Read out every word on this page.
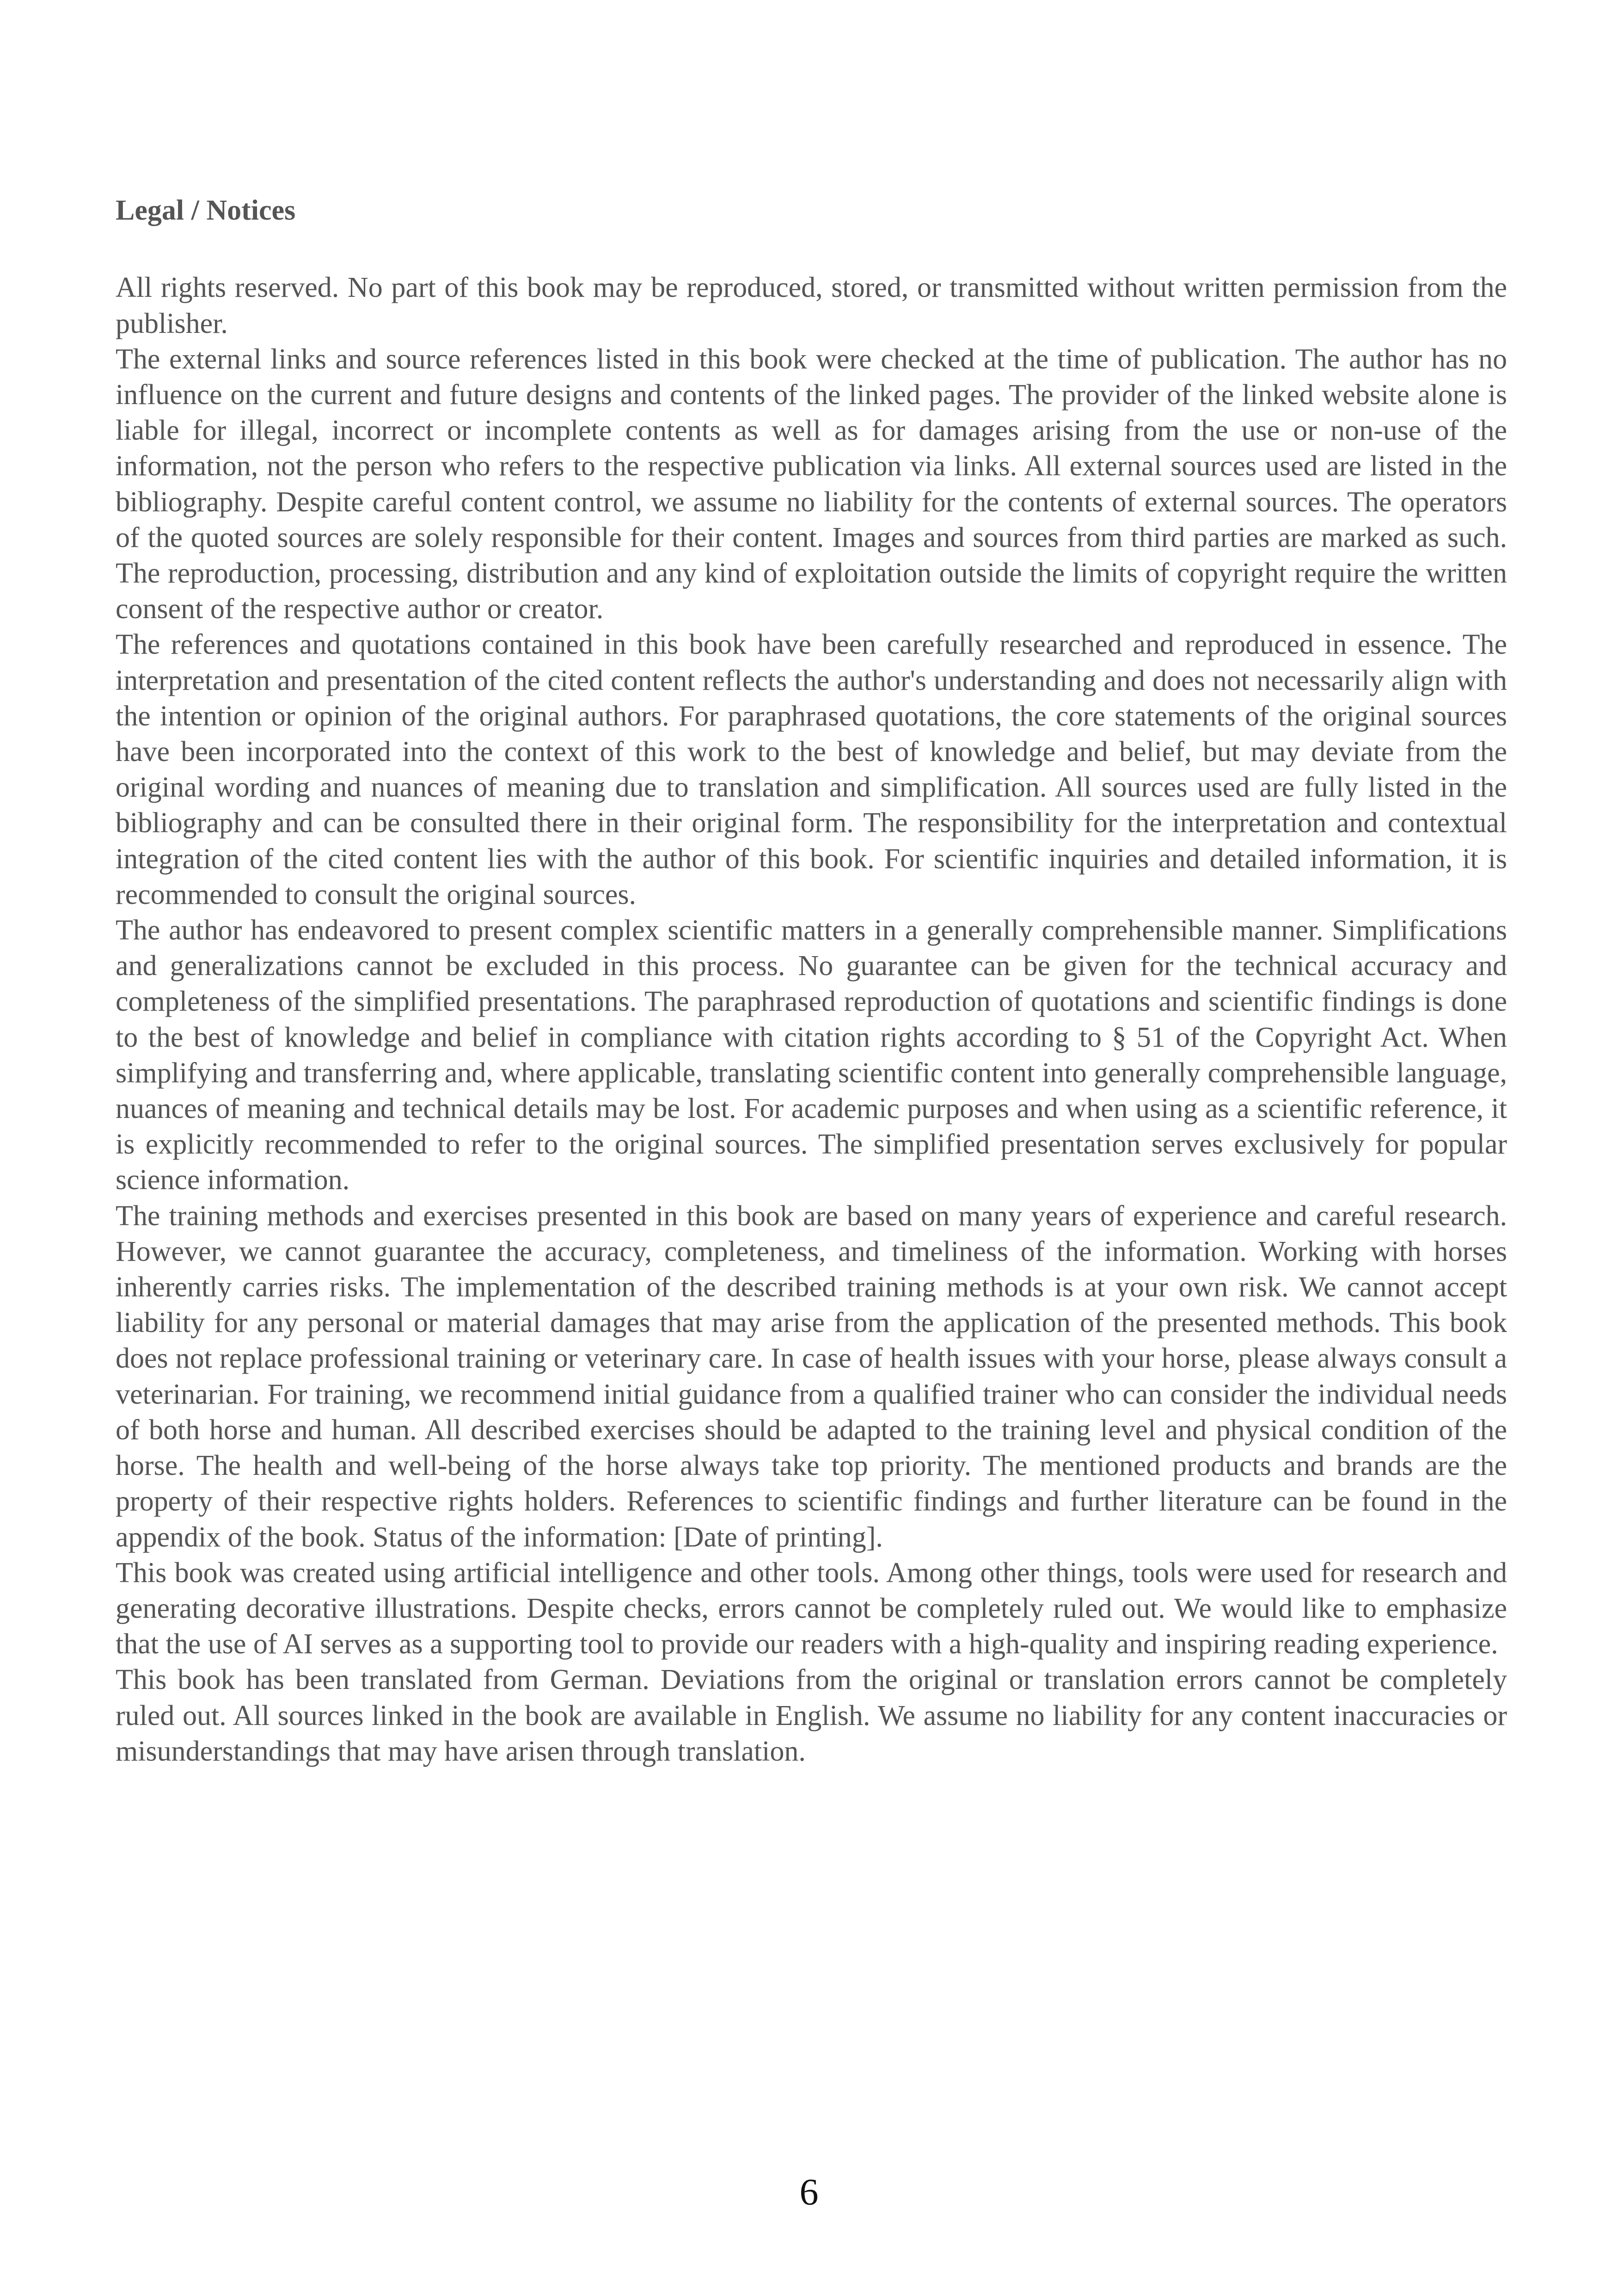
Legal / Notices

All rights reserved. No part of this book may be reproduced, stored, or transmitted without written permission from the publisher.

The external links and source references listed in this book were checked at the time of publication. The author has no influence on the current and future designs and contents of the linked pages. The provider of the linked website alone is liable for illegal, incorrect or incomplete contents as well as for damages arising from the use or non-use of the information, not the person who refers to the respective publication via links. All external sources used are listed in the bibliography. Despite careful content control, we assume no liability for the contents of external sources. The operators of the quoted sources are solely responsible for their content. Images and sources from third parties are marked as such. The reproduction, processing, distribution and any kind of exploitation outside the limits of copyright require the written consent of the respective author or creator.

The references and quotations contained in this book have been carefully researched and reproduced in essence. The interpretation and presentation of the cited content reflects the author's understanding and does not necessarily align with the intention or opinion of the original authors. For paraphrased quotations, the core statements of the original sources have been incorporated into the context of this work to the best of knowledge and belief, but may deviate from the original wording and nuances of meaning due to translation and simplification. All sources used are fully listed in the bibliography and can be consulted there in their original form. The responsibility for the interpretation and contextual integration of the cited content lies with the author of this book. For scientific inquiries and detailed information, it is recommended to consult the original sources.

The author has endeavored to present complex scientific matters in a generally comprehensible manner. Simplifications and generalizations cannot be excluded in this process. No guarantee can be given for the technical accuracy and completeness of the simplified presentations. The paraphrased reproduction of quotations and scientific findings is done to the best of knowledge and belief in compliance with citation rights according to § 51 of the Copyright Act. When simplifying and transferring and, where applicable, translating scientific content into generally comprehensible language, nuances of meaning and technical details may be lost. For academic purposes and when using as a scientific reference, it is explicitly recommended to refer to the original sources. The simplified presentation serves exclusively for popular science information.

The training methods and exercises presented in this book are based on many years of experience and careful research. However, we cannot guarantee the accuracy, completeness, and timeliness of the information. Working with horses inherently carries risks. The implementation of the described training methods is at your own risk. We cannot accept liability for any personal or material damages that may arise from the application of the presented methods. This book does not replace professional training or veterinary care. In case of health issues with your horse, please always consult a veterinarian. For training, we recommend initial guidance from a qualified trainer who can consider the individual needs of both horse and human. All described exercises should be adapted to the training level and physical condition of the horse. The health and well-being of the horse always take top priority. The mentioned products and brands are the property of their respective rights holders. References to scientific findings and further literature can be found in the appendix of the book. Status of the information: [Date of printing].

This book was created using artificial intelligence and other tools. Among other things, tools were used for research and generating decorative illustrations. Despite checks, errors cannot be completely ruled out. We would like to emphasize that the use of AI serves as a supporting tool to provide our readers with a high-quality and inspiring reading experience.

This book has been translated from German. Deviations from the original or translation errors cannot be completely ruled out. All sources linked in the book are available in English. We assume no liability for any content inaccuracies or misunderstandings that may have arisen through translation.

6
